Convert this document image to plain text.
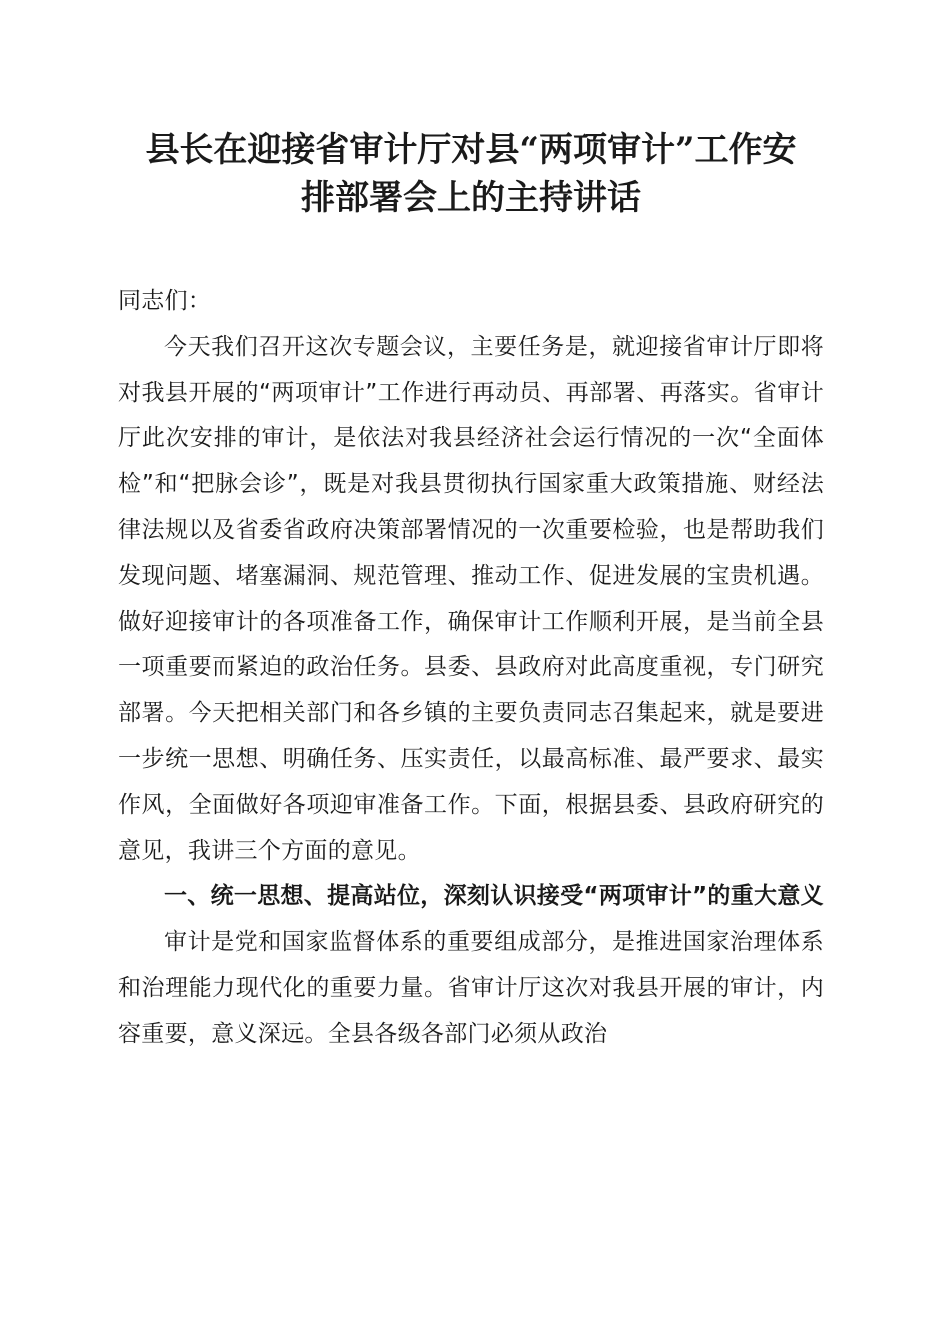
县长在迎接省审计厅对县“两项审计”工作安
排部署会上的主持讲话

同志们：

今天我们召开这次专题会议，主要任务是，就迎接省审计厅即将对我县开展的“两项审计”工作进行再动员、再部署、再落实。省审计厅此次安排的审计，是依法对我县经济社会运行情况的一次“全面体检”和“把脉会诊”，既是对我县贯彻执行国家重大政策措施、财经法律法规以及省委省政府决策部署情况的一次重要检验，也是帮助我们发现问题、堵塞漏洞、规范管理、推动工作、促进发展的宝贵机遇。做好迎接审计的各项准备工作，确保审计工作顺利开展，是当前全县一项重要而紧迫的政治任务。县委、县政府对此高度重视，专门研究部署。今天把相关部门和各乡镇的主要负责同志召集起来，就是要进一步统一思想、明确任务、压实责任，以最高标准、最严要求、最实作风，全面做好各项迎审准备工作。下面，根据县委、县政府研究的意见，我讲三个方面的意见。

一、统一思想、提高站位，深刻认识接受“两项审计”的重大意义

审计是党和国家监督体系的重要组成部分，是推进国家治理体系和治理能力现代化的重要力量。省审计厅这次对我县开展的审计，内容重要，意义深远。全县各级各部门必须从政治
